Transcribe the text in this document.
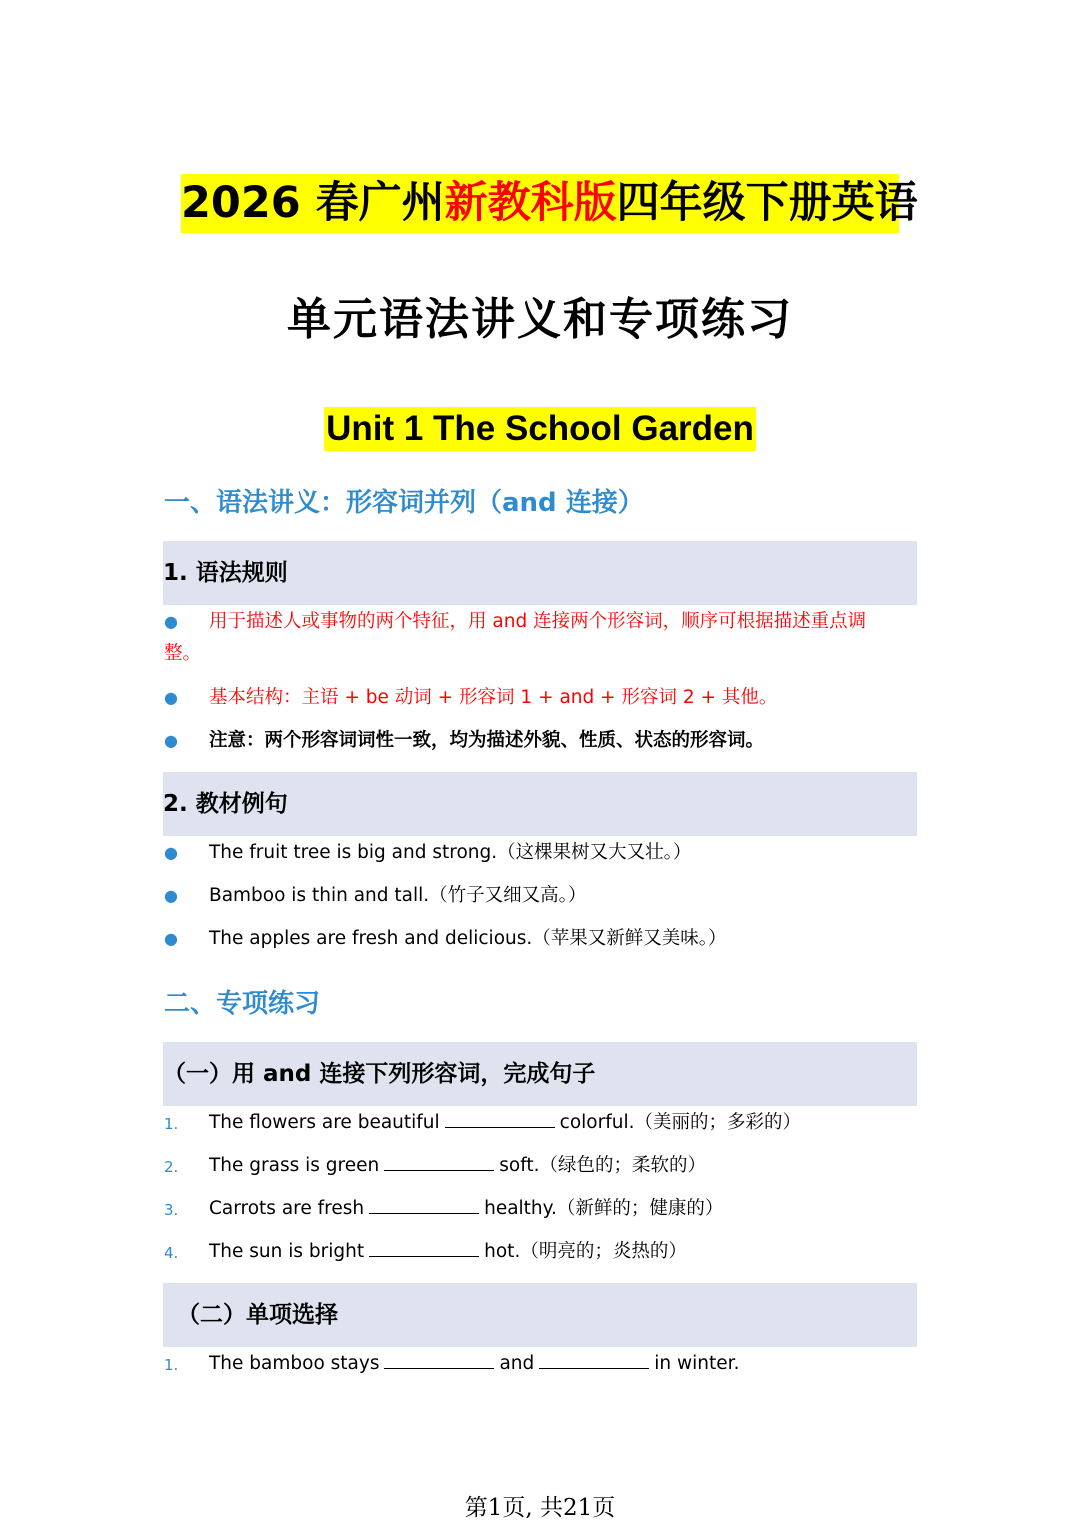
2026 春广州新教科版四年级下册英语
单元语法讲义和专项练习
Unit 1 The School Garden
一、语法讲义：形容词并列（and 连接）
1. 语法规则
●	用于描述人或事物的两个特征，用 and 连接两个形容词，顺序可根据描述重点调
整。
●	基本结构：主语 + be 动词 + 形容词 1 + and + 形容词 2 + 其他。
●	注意：两个形容词词性一致，均为描述外貌、性质、状态的形容词。
2. 教材例句
●	The fruit tree is big and strong.（这棵果树又大又壮。）
●	Bamboo is thin and tall.（竹子又细又高。）
●	The apples are fresh and delicious.（苹果又新鲜又美味。）
二、专项练习
（一）用 and 连接下列形容词，完成句子
1.	The flowers are beautiful	colorful.（美丽的；多彩的）
2.	The grass is green	soft.（绿色的；柔软的）
3.	Carrots are fresh	healthy.（新鲜的；健康的）
4.	The sun is bright	hot.（明亮的；炎热的）
（二）单项选择
1.	The bamboo stays	and	in winter.
第1页, 共21页
